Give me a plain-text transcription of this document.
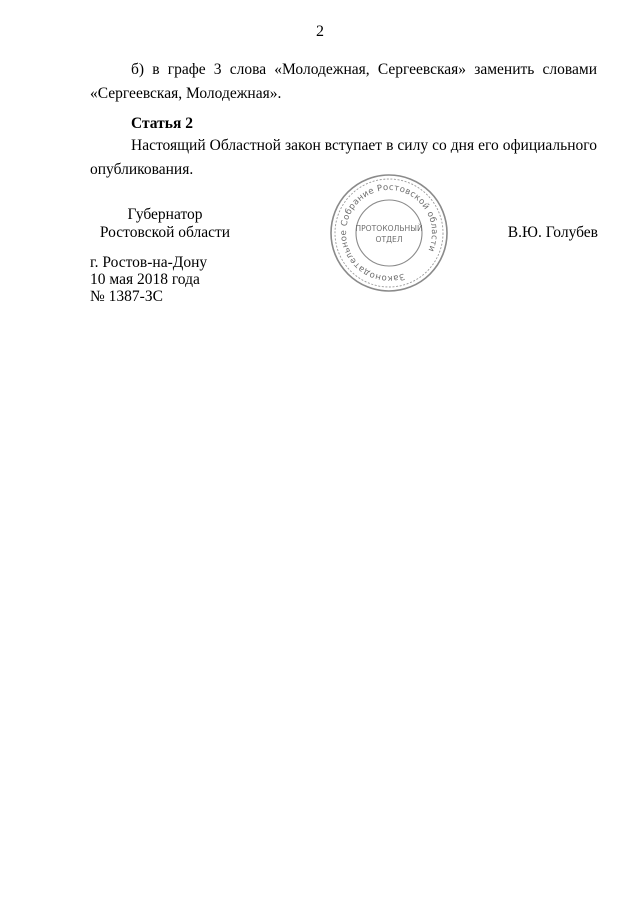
2
б) в графе 3 слова «Молодежная, Сергеевская» заменить словами «Сергеевская, Молодежная».
Статья 2
Настоящий Областной закон вступает в силу со дня его официального опубликования.
Губернатор
Ростовской области
Законодательное Собрание Ростовской области
ПРОТОКОЛЬНЫЙ
ОТДЕЛ	В.Ю. Голубев
г. Ростов-на-Дону
10 мая 2018 года
№ 1387-ЗС
